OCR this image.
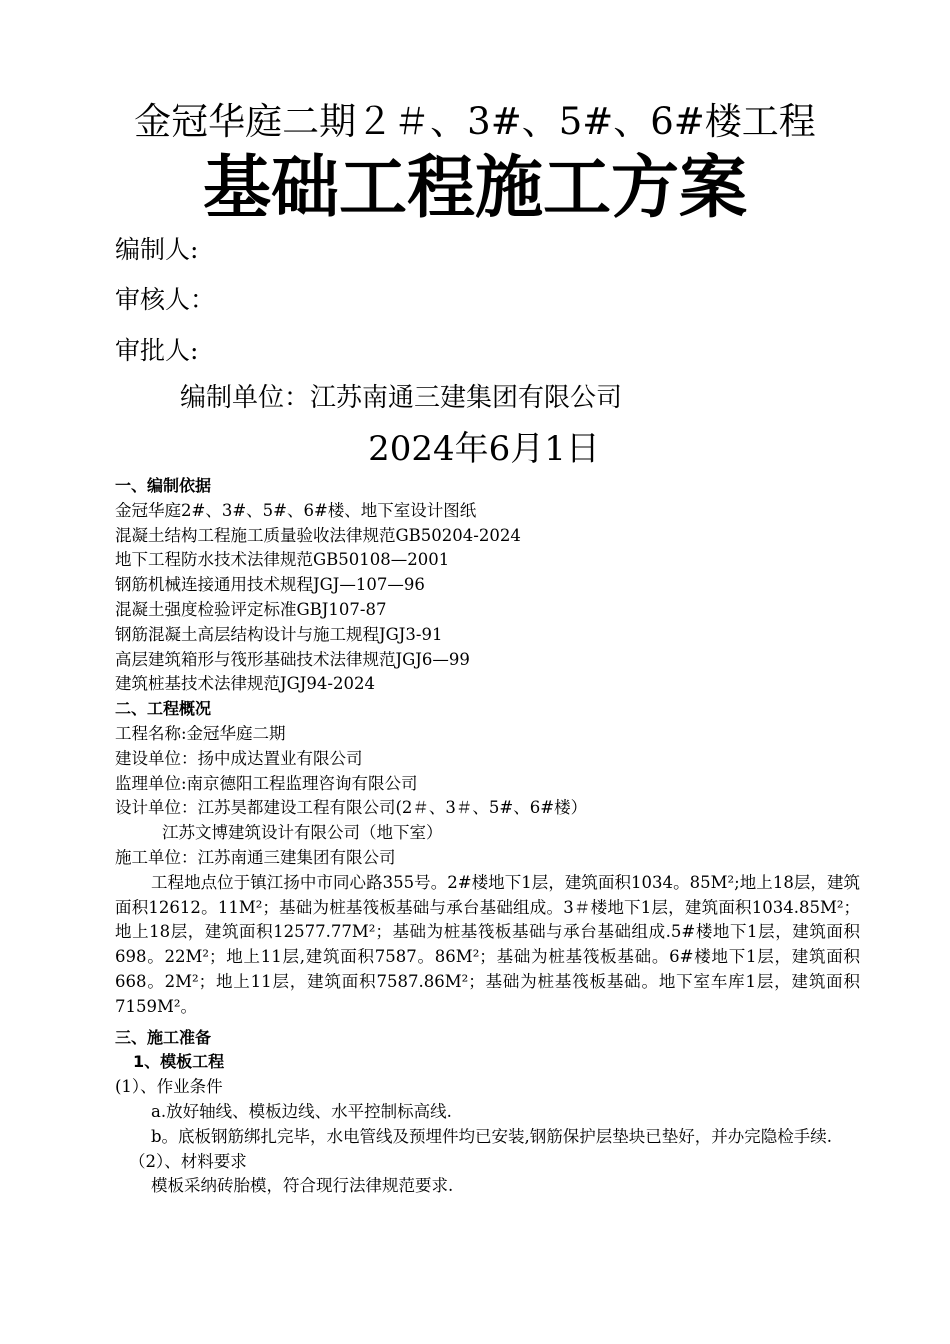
金冠华庭二期２＃、3#、5#、6#楼工程
基础工程施工方案
编制人:
审核人：
审批人:
编制单位：江苏南通三建集团有限公司
2024年6月1日
一、编制依据
金冠华庭2#、3#、5#、6#楼、地下室设计图纸
混凝土结构工程施工质量验收法律规范GB50204-2024
地下工程防水技术法律规范GB50108—2001
钢筋机械连接通用技术规程JGJ—107—96
混凝土强度检验评定标准GBJ107-87
钢筋混凝土高层结构设计与施工规程JGJ3-91
高层建筑箱形与筏形基础技术法律规范JGJ6—99
建筑桩基技术法律规范JGJ94-2024
二、工程概况
工程名称:金冠华庭二期
建设单位：扬中成达置业有限公司
监理单位:南京德阳工程监理咨询有限公司
设计单位：江苏昊都建设工程有限公司(2＃、3＃、5#、6#楼）
江苏文博建筑设计有限公司（地下室）
施工单位：江苏南通三建集团有限公司
工程地点位于镇江扬中市同心路355号。2#楼地下1层，建筑面积1034。85M²;地上18层，建筑面积12612。11M²；基础为桩基筏板基础与承台基础组成。3＃楼地下1层，建筑面积1034.85M²；地上18层，建筑面积12577.77M²；基础为桩基筏板基础与承台基础组成.5#楼地下1层，建筑面积698。22M²；地上11层,建筑面积7587。86M²；基础为桩基筏板基础。6#楼地下1层，建筑面积668。2M²；地上11层，建筑面积7587.86M²；基础为桩基筏板基础。地下室车库1层，建筑面积7159M²。
三、施工准备
1、模板工程
(1）、作业条件
a.放好轴线、模板边线、水平控制标高线.
b。底板钢筋绑扎完毕，水电管线及预埋件均已安装,钢筋保护层垫块已垫好，并办完隐检手续.
（2）、材料要求
模板采纳砖胎模，符合现行法律规范要求.
